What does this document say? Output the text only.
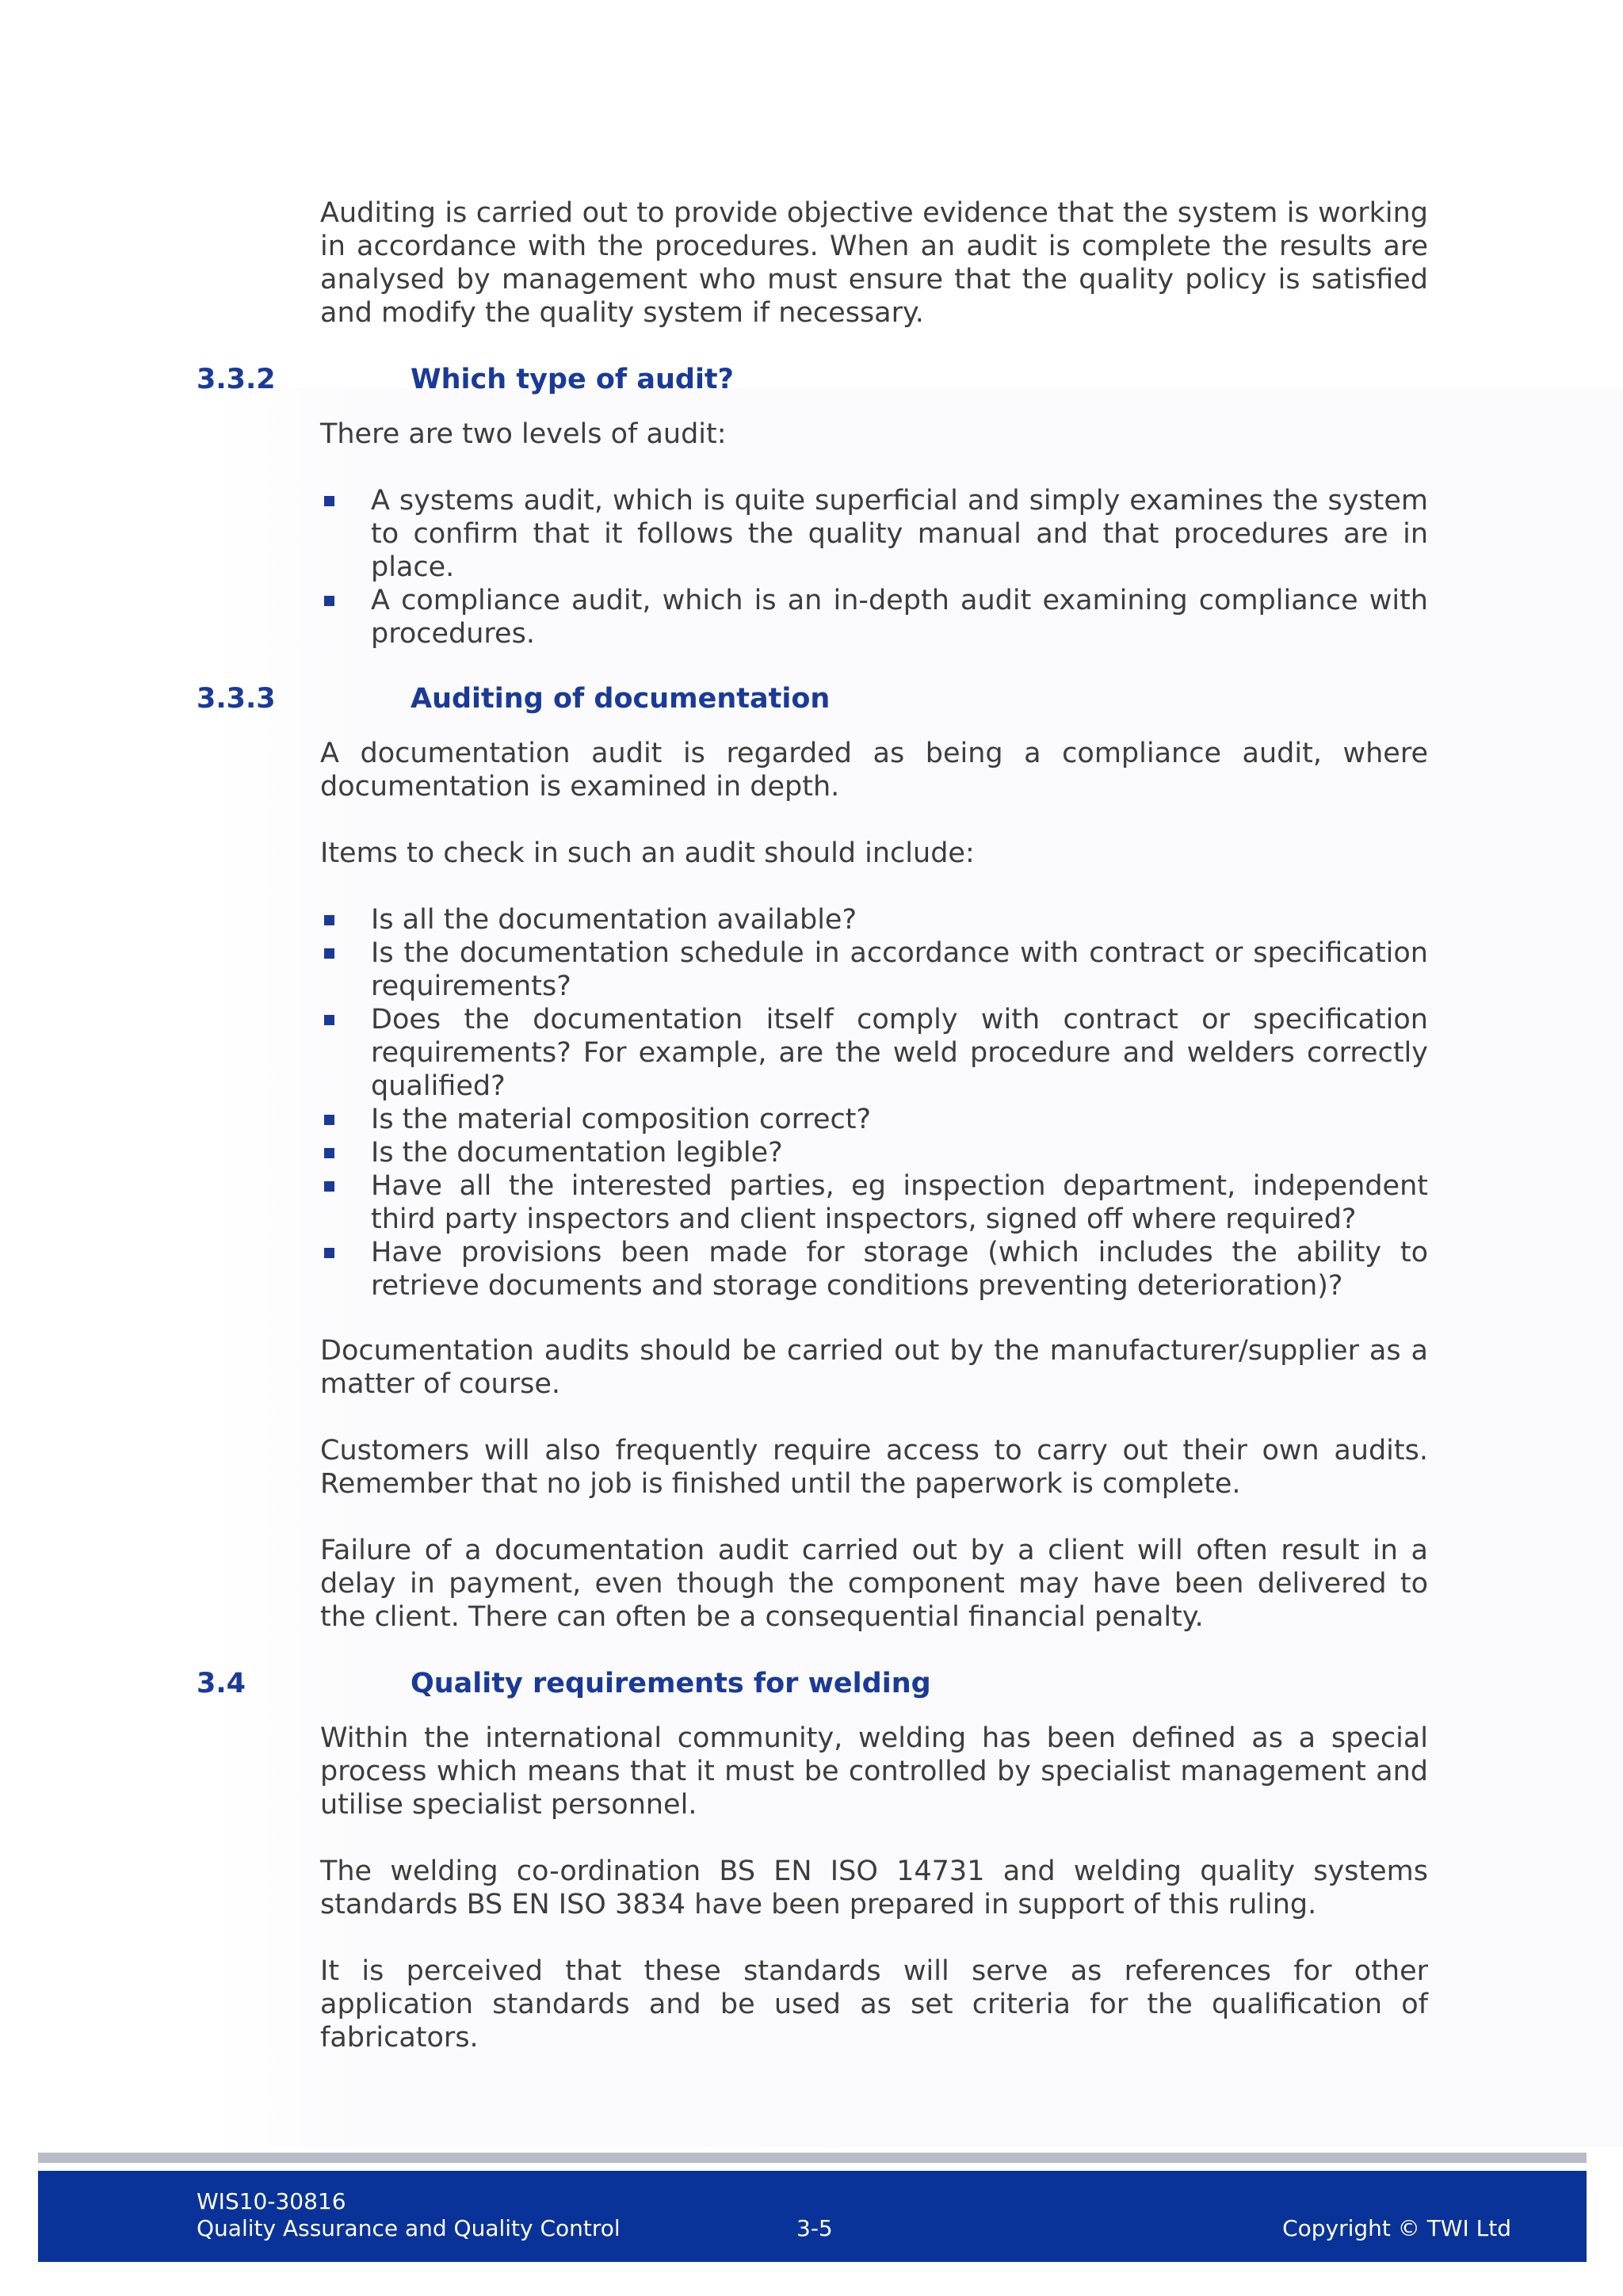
Auditing is carried out to provide objective evidence that the system is working in accordance with the procedures. When an audit is complete the results are analysed by management who must ensure that the quality policy is satisfied and modify the quality system if necessary.

3.3.2	Which type of audit?

There are two levels of audit:

A systems audit, which is quite superficial and simply examines the system to confirm that it follows the quality manual and that procedures are in place.
A compliance audit, which is an in-depth audit examining compliance with procedures.
3.3.3	Auditing of documentation

A documentation audit is regarded as being a compliance audit, where documentation is examined in depth.

Items to check in such an audit should include:

Is all the documentation available?
Is the documentation schedule in accordance with contract or specification requirements?
Does the documentation itself comply with contract or specification requirements? For example, are the weld procedure and welders correctly qualified?
Is the material composition correct?
Is the documentation legible?
Have all the interested parties, eg inspection department, independent third party inspectors and client inspectors, signed off where required?
Have provisions been made for storage (which includes the ability to retrieve documents and storage conditions preventing deterioration)?

Documentation audits should be carried out by the manufacturer/supplier as a matter of course.

Customers will also frequently require access to carry out their own audits. Remember that no job is finished until the paperwork is complete.

Failure of a documentation audit carried out by a client will often result in a delay in payment, even though the component may have been delivered to the client. There can often be a consequential financial penalty.

3.4	Quality requirements for welding

Within the international community, welding has been defined as a special process which means that it must be controlled by specialist management and utilise specialist personnel.

The welding co-ordination BS EN ISO 14731 and welding quality systems standards BS EN ISO 3834 have been prepared in support of this ruling.

It is perceived that these standards will serve as references for other application standards and be used as set criteria for the qualification of fabricators.

WIS10-30816
Quality Assurance and Quality Control	3-5	Copyright © TWI Ltd
